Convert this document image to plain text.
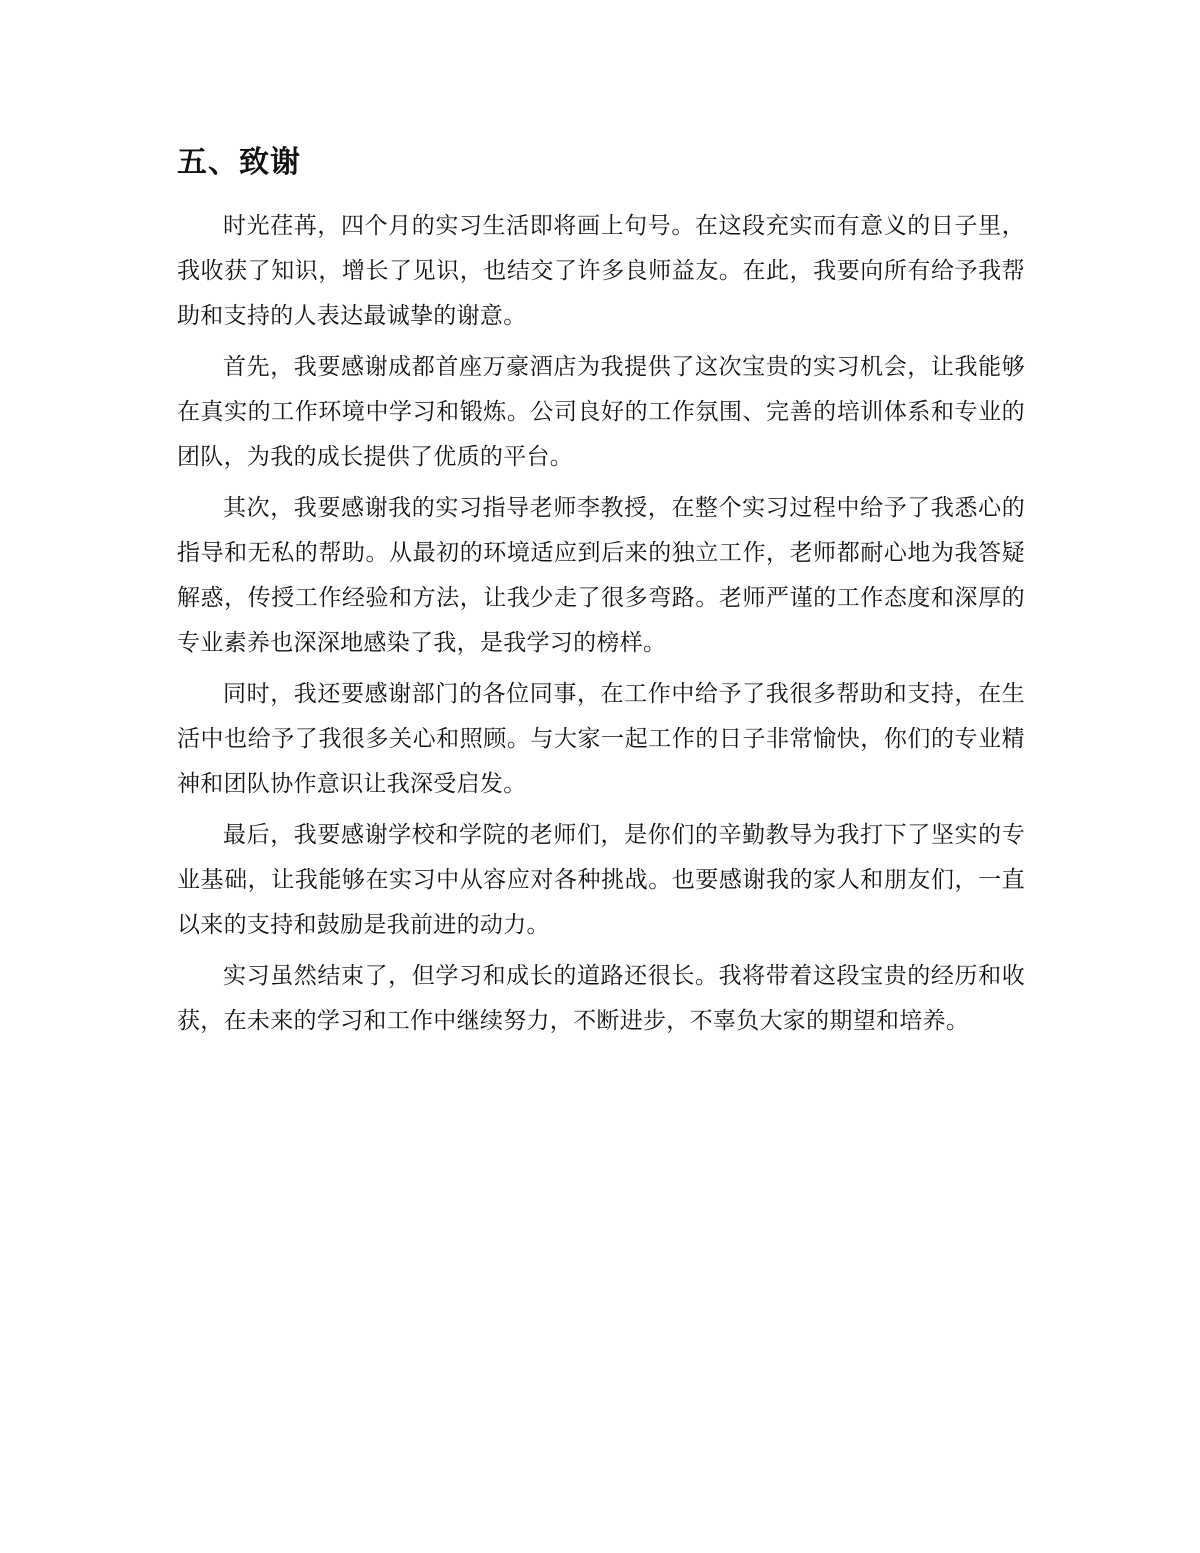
五、致谢

时光荏苒，四个月的实习生活即将画上句号。在这段充实而有意义的日子里，我收获了知识，增长了见识，也结交了许多良师益友。在此，我要向所有给予我帮助和支持的人表达最诚挚的谢意。

首先，我要感谢成都首座万豪酒店为我提供了这次宝贵的实习机会，让我能够在真实的工作环境中学习和锻炼。公司良好的工作氛围、完善的培训体系和专业的团队，为我的成长提供了优质的平台。

其次，我要感谢我的实习指导老师李教授，在整个实习过程中给予了我悉心的指导和无私的帮助。从最初的环境适应到后来的独立工作，老师都耐心地为我答疑解惑，传授工作经验和方法，让我少走了很多弯路。老师严谨的工作态度和深厚的专业素养也深深地感染了我，是我学习的榜样。

同时，我还要感谢部门的各位同事，在工作中给予了我很多帮助和支持，在生活中也给予了我很多关心和照顾。与大家一起工作的日子非常愉快，你们的专业精神和团队协作意识让我深受启发。

最后，我要感谢学校和学院的老师们，是你们的辛勤教导为我打下了坚实的专业基础，让我能够在实习中从容应对各种挑战。也要感谢我的家人和朋友们，一直以来的支持和鼓励是我前进的动力。

实习虽然结束了，但学习和成长的道路还很长。我将带着这段宝贵的经历和收获，在未来的学习和工作中继续努力，不断进步，不辜负大家的期望和培养。
